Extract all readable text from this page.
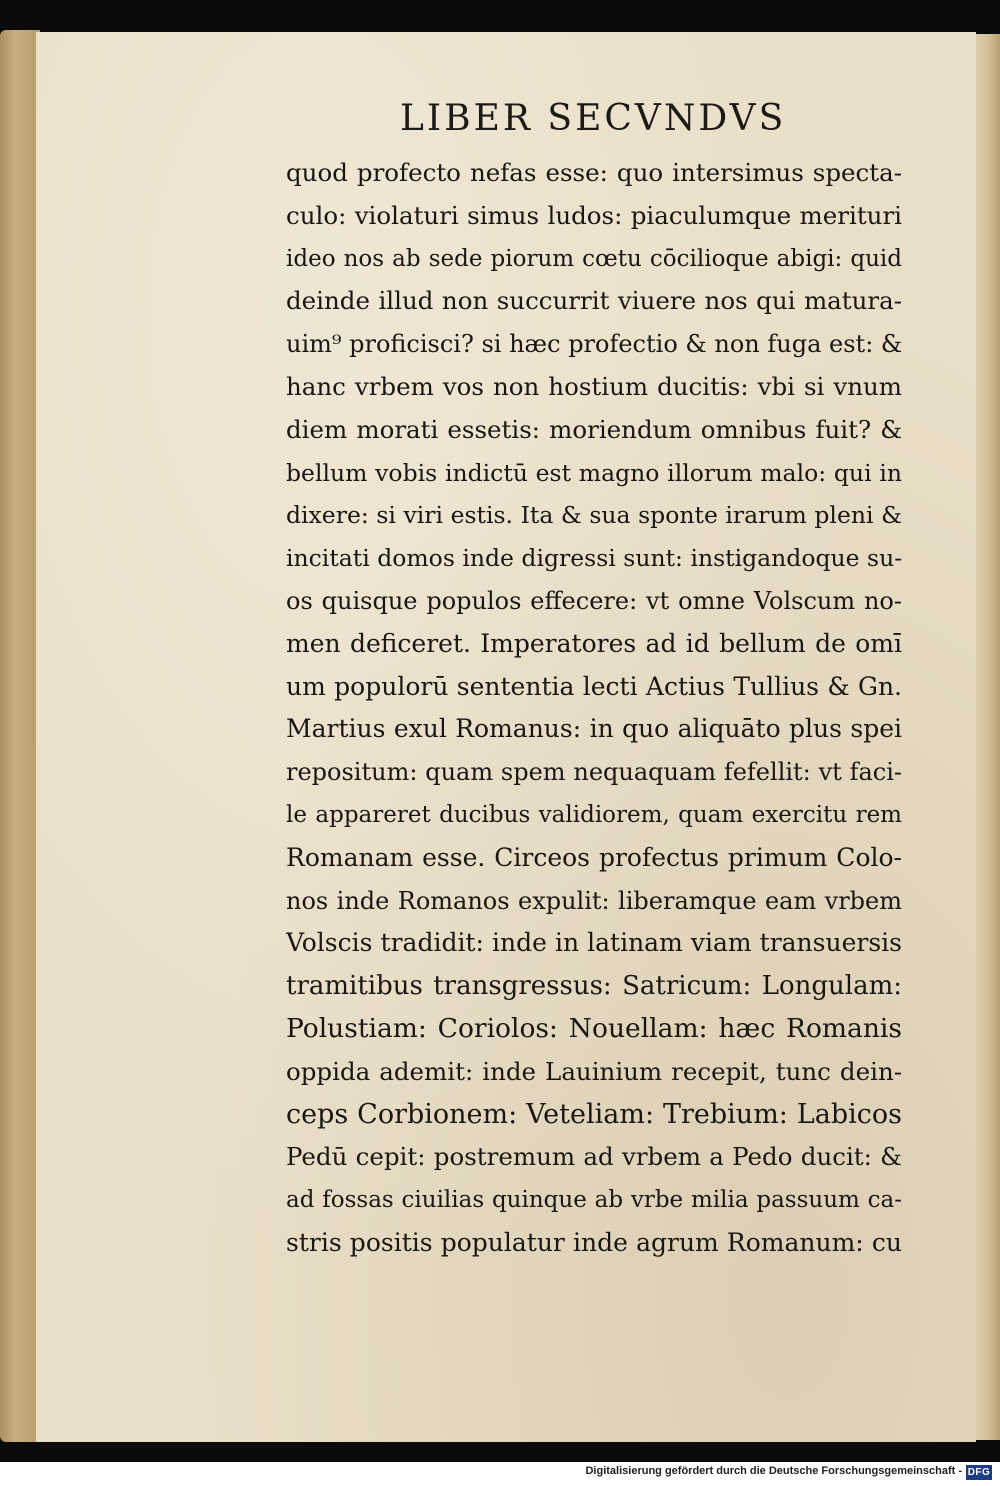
LIBER SECVNDVS
quod profecto nefas esse: quo intersimus specta-
culo: violaturi simus ludos: piaculumque merituri
ideo nos ab sede piorum cœtu cōcilioque abigi: quid
deinde illud non succurrit viuere nos qui matura-
uim⁹ proficisci? si hæc profectio & non fuga est: &
hanc vrbem vos non hostium ducitis: vbi si vnum
diem morati essetis: moriendum omnibus fuit? &
bellum vobis indictū est magno illorum malo: qui in
dixere: si viri estis. Ita & sua sponte irarum pleni &
incitati domos inde digressi sunt: instigandoque su-
os quisque populos effecere: vt omne Volscum no-
men deficeret. Imperatores ad id bellum de omī
um populorū sententia lecti Actius Tullius & Gn.
Martius exul Romanus: in quo aliquāto plus spei
repositum: quam spem nequaquam fefellit: vt faci-
le appareret ducibus validiorem, quam exercitu rem
Romanam esse. Circeos profectus primum Colo-
nos inde Romanos expulit: liberamque eam vrbem
Volscis tradidit: inde in latinam viam transuersis
tramitibus transgressus: Satricum: Longulam:
Polustiam: Coriolos: Nouellam: hæc Romanis
oppida ademit: inde Lauinium recepit, tunc dein-
ceps Corbionem: Veteliam: Trebium: Labicos
Pedū cepit: postremum ad vrbem a Pedo ducit: &
ad fossas ciuilias quinque ab vrbe milia passuum ca-
stris positis populatur inde agrum Romanum: cu
Digitalisierung gefördert durch die Deutsche Forschungsgemeinschaft - DFG
